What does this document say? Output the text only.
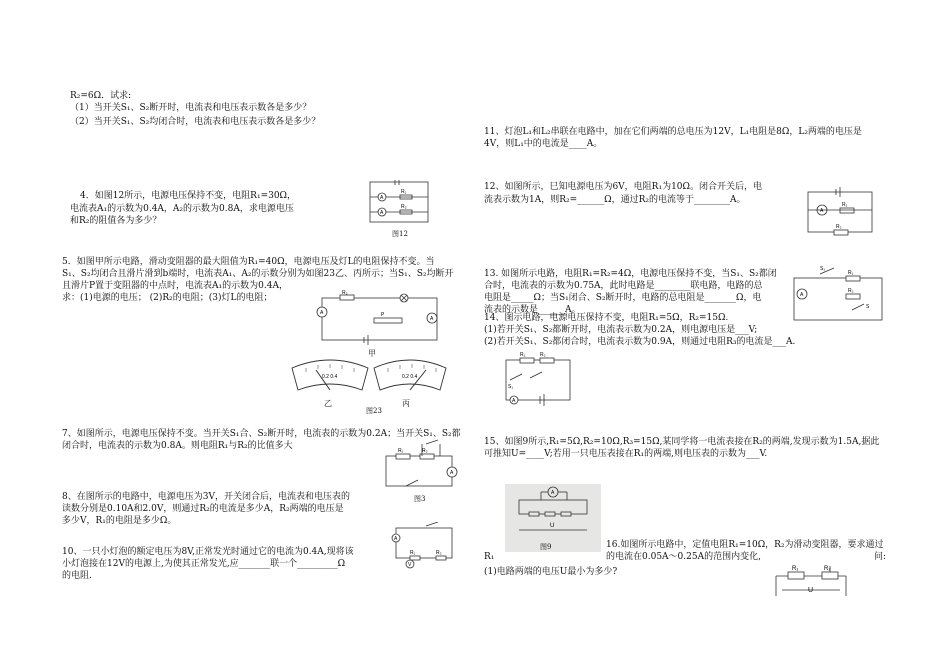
R₂=6Ω．试求:
（1）当开关S₁、S₂断开时，电流表和电压表示数各是多少？
（2）当开关S₁、S₂均闭合时，电流表和电压表示数各是多少？
4．如图12所示，电源电压保持不变，电阻R₁=30Ω，
电流表A₁的示数为0.4A，A₂的示数为0.8A，求电源电压
和R₂的阻值各为多少？
R₁
R₂
A
A
图12
5．如图甲所示电路，滑动变阻器的最大阻值为R₁=40Ω，电源电压及灯L的电阻保持不变。当
S₁、S₂均闭合且滑片滑到b端时，电流表A₁、A₂的示数分别为如图23乙、丙所示；当S₁、S₂均断开
且滑片P置于变阻器的中点时，电流表A₁的示数为0.4A，
求：(1)电源的电压； (2)R₂的电阻；(3)灯L的电阻；
A
A
R₂
P
甲
0.2 0.4	0.2 0.4
乙	丙
图23
7、如图所示，电源电压保持不变。当开关S₁合、S₂断开时，电流表的示数为0.2A；当开关S₁、S₂都
闭合时，电流表的示数为0.8A。则电阻R₁与R₂的比值多大
A
R₁	R₂
图3
8、在图所示的电路中，电源电压为3V，开关闭合后，电流表和电压表的
读数分别是0.10A和2.0V，则通过R₂的电流是多少A，R₂两端的电压是
多少V，R₁的电阻是多少Ω。
A
V
R₁	R₂
10、一只小灯泡的额定电压为8V,正常发光时通过它的电流为0.4A,现将该
小灯泡接在12V的电源上,为使其正常发光,应_______联一个_________Ω
的电阻.
11、灯泡L₁和L₂串联在电路中，加在它们两端的总电压为12V，L₁电阻是8Ω，L₂两端的电压是
4V，则L₁中的电流是____A。
12、如图所示，巳知电源电压为6V，电阻R₁为10Ω。闭合开关后，电
流表示数为1A，则R₂=______Ω，通过R₂的电流等于________A。
A
R₁
R₂
13. 如图所示电路，电阻R₁=R₂=4Ω，电源电压保持不变，当S₁、S₂都闭
合时，电流表的示数为0.75A，此时电路是________联电路，电路的总
电阻是_____Ω；当S₁闭合、S₂断开时，电路的总电阻是_______Ω，电
流表的示数是______A。
A
S₁
R₁
R₂
S
14、图示电路，电源电压保持不变，电阻R₁=5Ω，R₂=15Ω.
(1)若开关S₁、S₂都断开时，电流表示数为0.2A，则电源电压是___V;
(2)若开关S₁、S₂都闭合时，电流表示数为0.9A，则通过电阻R₃的电流是___A.
R₁	R₂
A
S₁
15、如图9所示,R₁=5Ω,R₂=10Ω,R₃=15Ω,某同学将一电流表接在R₂的两端,发现示数为1.5A,据此
可推知U=____V;若用一只电压表接在R₁的两端,则电压表的示数为___V.
A
U
图9	16.如图所示电路中，定值电阻R₁=10Ω，R₂为滑动变阻器，要求通过
R₁	的电流在0.05A～0.25A的范围内变化,	问:
(1)电路两端的电压U最小为多少?	R₁	R₂
U
